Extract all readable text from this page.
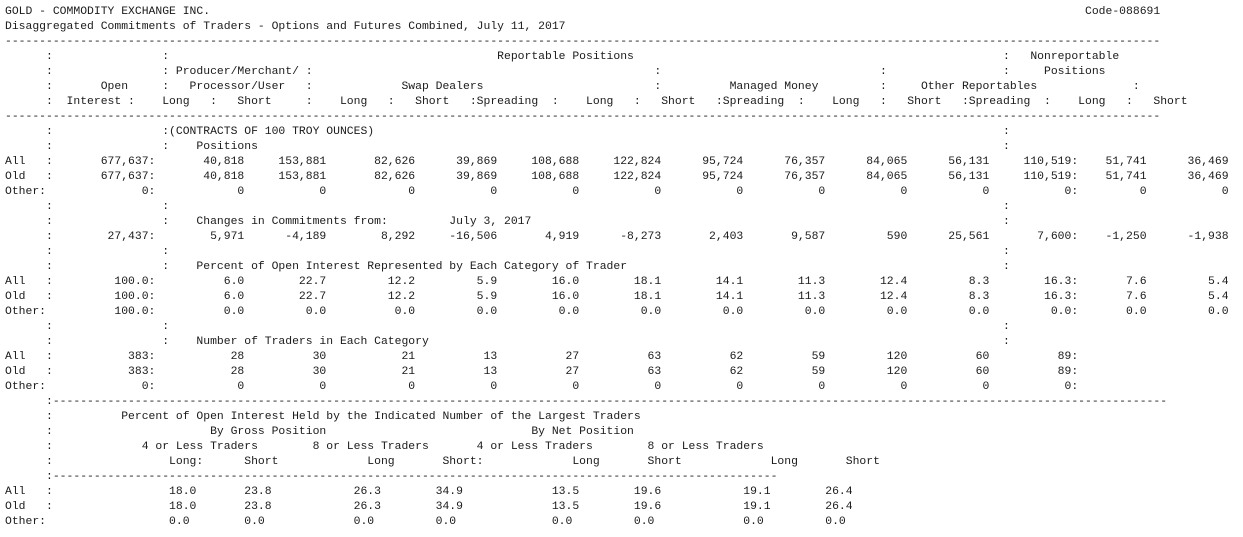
GOLD - COMMODITY EXCHANGE INC.                                                                                                                                Code-088691
Disaggregated Commitments of Traders - Options and Futures Combined, July 11, 2017
-------------------------------------------------------------------------------------------------------------------------------------------------------------------------
:                :                                                Reportable Positions                                                      :   Nonreportable
:                : Producer/Merchant/ :                                                  :                                :                 :     Positions
:       Open     :   Processor/User   :             Swap Dealers                         :          Managed Money         :     Other Reportables              :
:  Interest :    Long   :   Short     :    Long   :   Short   :Spreading  :    Long   :   Short   :Spreading  :    Long   :   Short   :Spreading  :    Long   :   Short
-------------------------------------------------------------------------------------------------------------------------------------------------------------------------
:                :(CONTRACTS OF 100 TROY OUNCES)                                                                                            :
:                :    Positions                                                                                                             :
All   :       677,637:       40,818     153,881       82,626      39,869     108,688     122,824      95,724      76,357      84,065      56,131     110,519:    51,741      36,469
Old   :       677,637:       40,818     153,881       82,626      39,869     108,688     122,824      95,724      76,357      84,065      56,131     110,519:    51,741      36,469
Other:              0:            0           0            0           0           0           0           0           0           0           0           0:         0           0
:                :                                                                                                                          :
:                :    Changes in Commitments from:         July 3, 2017                                                                     :
:        27,437:        5,971      -4,189        8,292     -16,506       4,919      -8,273       2,403       9,587         590      25,561       7,600:    -1,250      -1,938
:                :                                                                                                                          :
:                :    Percent of Open Interest Represented by Each Category of Trader                                                       :
All   :         100.0:          6.0        22.7         12.2         5.9        16.0        18.1        14.1        11.3        12.4         8.3        16.3:       7.6         5.4
Old   :         100.0:          6.0        22.7         12.2         5.9        16.0        18.1        14.1        11.3        12.4         8.3        16.3:       7.6         5.4
Other:          100.0:          0.0         0.0          0.0         0.0         0.0         0.0         0.0         0.0         0.0         0.0         0.0:       0.0         0.0
:                :                                                                                                                          :
:                :    Number of Traders in Each Category                                                                                    :
All   :           383:           28          30           21          13          27          63          62          59         120          60          89:
Old   :           383:           28          30           21          13          27          63          62          59         120          60          89:
Other:              0:            0           0            0           0           0           0           0           0           0           0           0:
:-------------------------------------------------------------------------------------------------------------------------------------------------------------------
:          Percent of Open Interest Held by the Indicated Number of the Largest Traders
:                       By Gross Position                              By Net Position
:             4 or Less Traders        8 or Less Traders       4 or Less Traders        8 or Less Traders
:                 Long:      Short             Long       Short:             Long       Short             Long       Short
:----------------------------------------------------------------------------------------------------------
All   :                 18.0       23.8            26.3        34.9             13.5        19.6            19.1        26.4
Old   :                 18.0       23.8            26.3        34.9             13.5        19.6            19.1        26.4
Other:                  0.0        0.0             0.0         0.0              0.0         0.0             0.0         0.0
